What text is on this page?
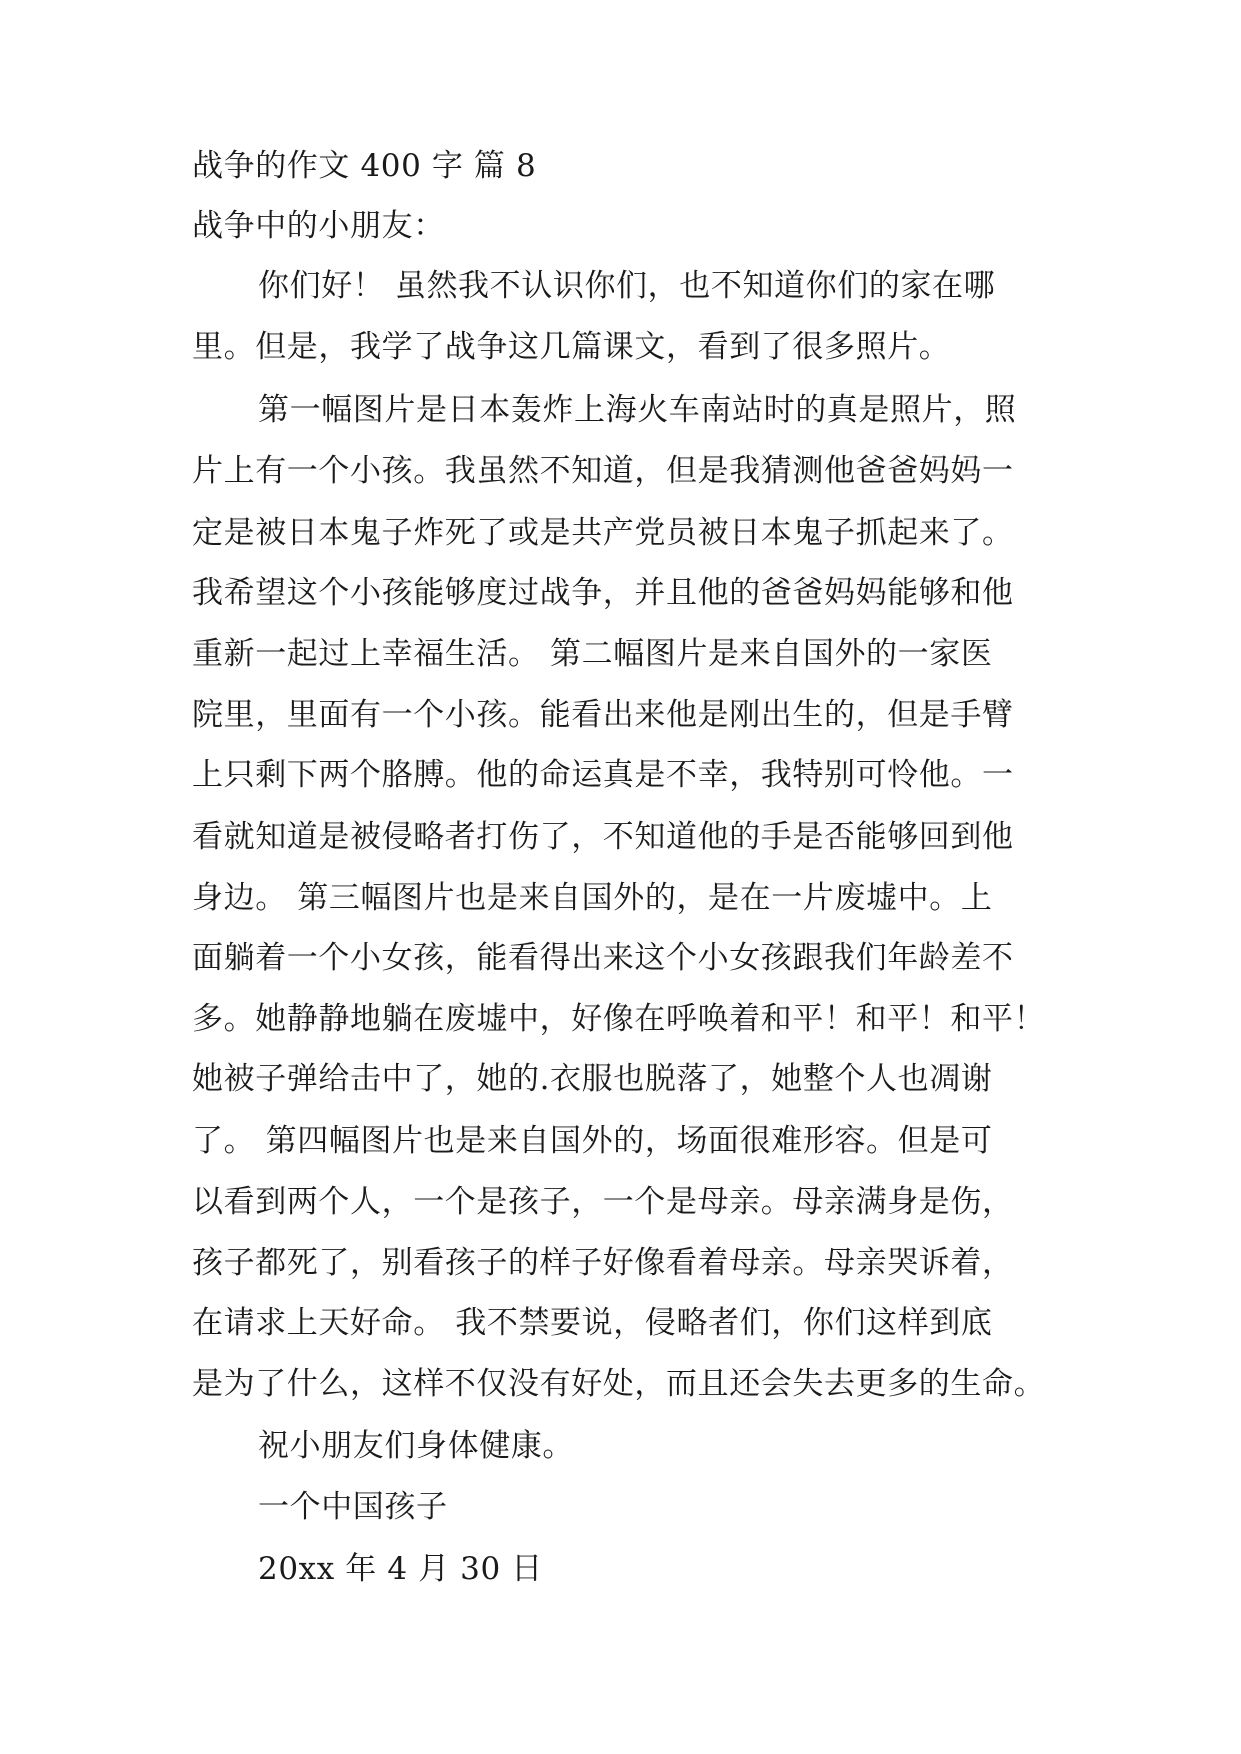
战争的作文 400 字 篇 8

战争中的小朋友：

你们好！ 虽然我不认识你们，也不知道你们的家在哪

里。但是，我学了战争这几篇课文，看到了很多照片。

第一幅图片是日本轰炸上海火车南站时的真是照片，照

片上有一个小孩。我虽然不知道，但是我猜测他爸爸妈妈一

定是被日本鬼子炸死了或是共产党员被日本鬼子抓起来了。

我希望这个小孩能够度过战争，并且他的爸爸妈妈能够和他

重新一起过上幸福生活。 第二幅图片是来自国外的一家医

院里，里面有一个小孩。能看出来他是刚出生的，但是手臂

上只剩下两个胳膊。他的命运真是不幸，我特别可怜他。一

看就知道是被侵略者打伤了，不知道他的手是否能够回到他

身边。 第三幅图片也是来自国外的，是在一片废墟中。上

面躺着一个小女孩，能看得出来这个小女孩跟我们年龄差不

多。她静静地躺在废墟中，好像在呼唤着和平！和平！和平！

她被子弹给击中了，她的.衣服也脱落了，她整个人也凋谢

了。 第四幅图片也是来自国外的，场面很难形容。但是可

以看到两个人，一个是孩子，一个是母亲。母亲满身是伤，

孩子都死了，别看孩子的样子好像看着母亲。母亲哭诉着，

在请求上天好命。 我不禁要说，侵略者们，你们这样到底

是为了什么，这样不仅没有好处，而且还会失去更多的生命。

祝小朋友们身体健康。

一个中国孩子

20xx 年 4 月 30 日
